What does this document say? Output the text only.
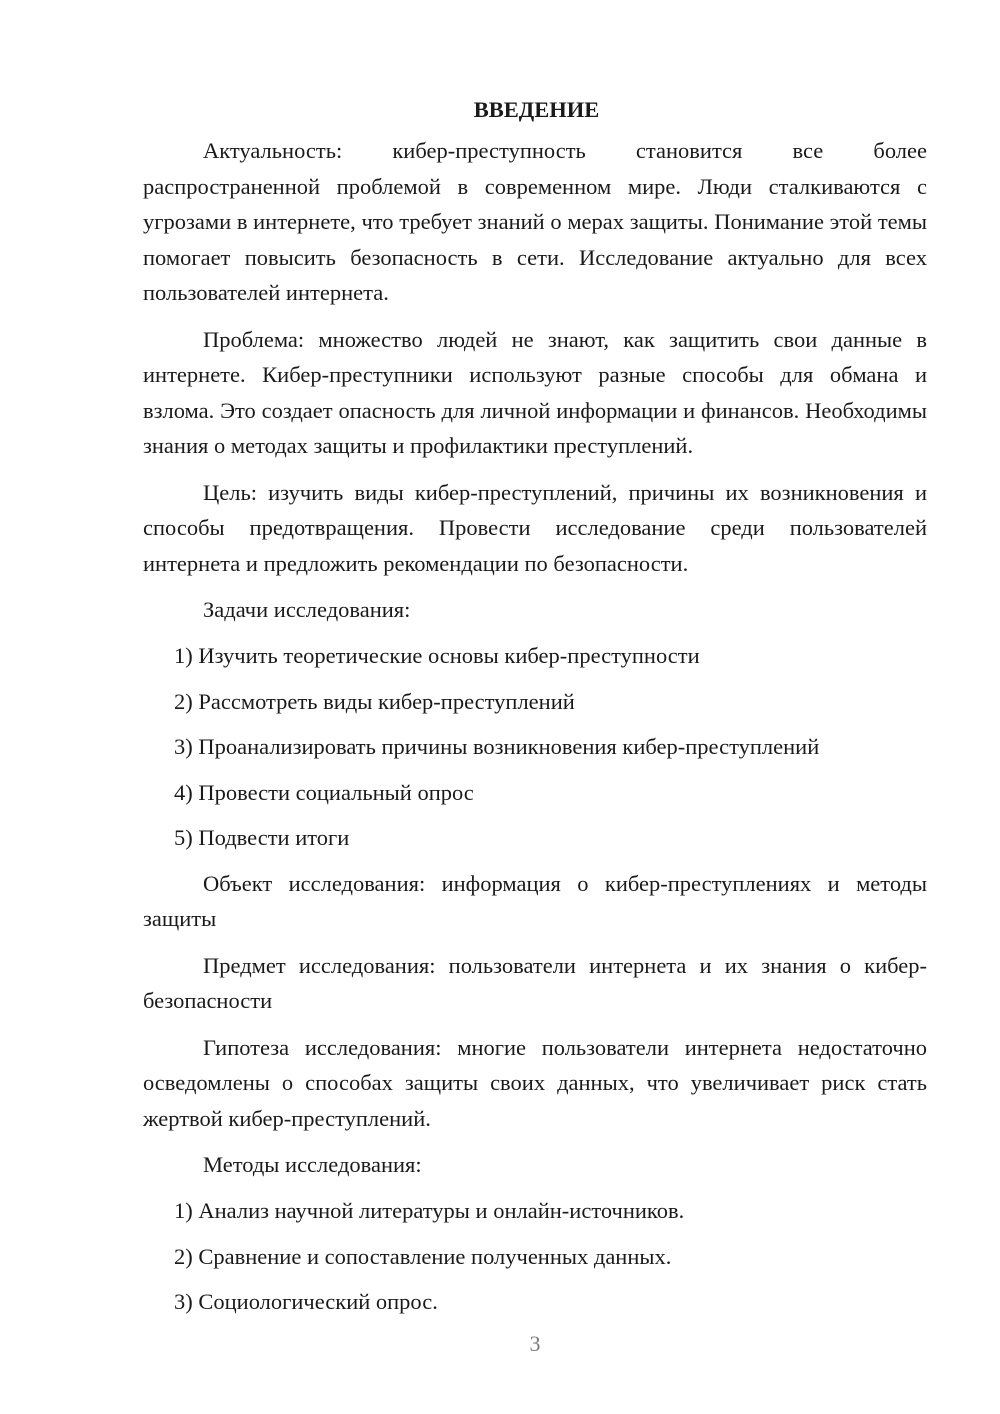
ВВЕДЕНИЕ

Актуальность: кибер-преступность становится все более распространенной проблемой в современном мире. Люди сталкиваются с угрозами в интернете, что требует знаний о мерах защиты. Понимание этой темы помогает повысить безопасность в сети. Исследование актуально для всех пользователей интернета.

Проблема: множество людей не знают, как защитить свои данные в интернете. Кибер-преступники используют разные способы для обмана и взлома. Это создает опасность для личной информации и финансов. Необходимы знания о методах защиты и профилактики преступлений.

Цель: изучить виды кибер-преступлений, причины их возникновения и способы предотвращения. Провести исследование среди пользователей интернета и предложить рекомендации по безопасности.

Задачи исследования:
1) Изучить теоретические основы кибер-преступности
2) Рассмотреть виды кибер-преступлений
3) Проанализировать причины возникновения кибер-преступлений
4) Провести социальный опрос
5) Подвести итоги

Объект исследования: информация о кибер-преступлениях и методы защиты

Предмет исследования: пользователи интернета и их знания о кибер-безопасности

Гипотеза исследования: многие пользователи интернета недостаточно осведомлены о способах защиты своих данных, что увеличивает риск стать жертвой кибер-преступлений.

Методы исследования:
1) Анализ научной литературы и онлайн-источников.
2) Сравнение и сопоставление полученных данных.
3) Социологический опрос.
3
